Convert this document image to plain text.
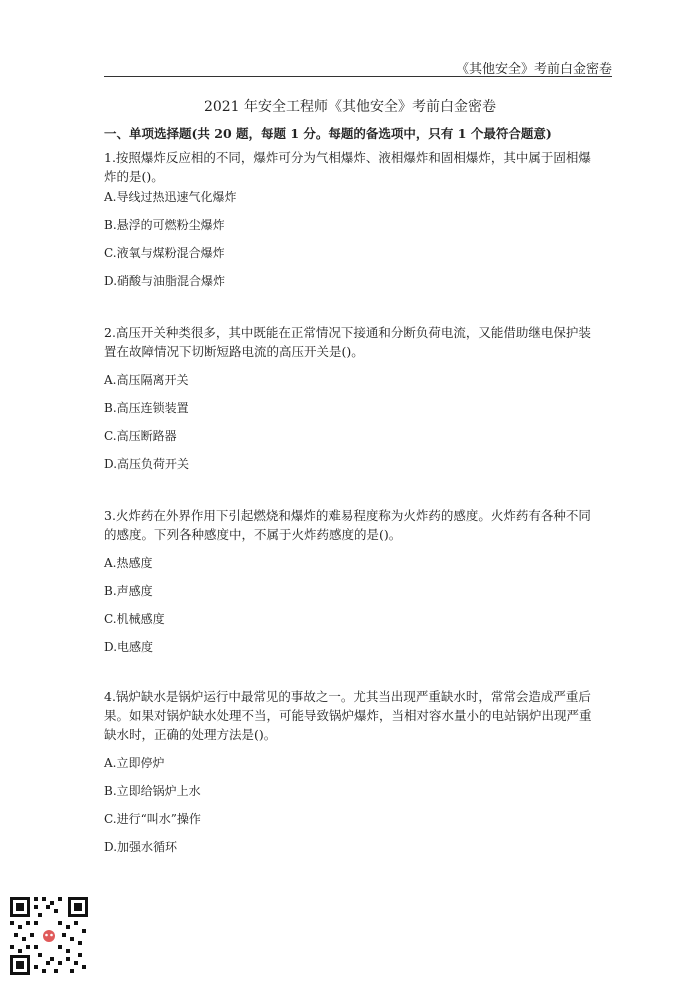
《其他安全》考前白金密卷
2021 年安全工程师《其他安全》考前白金密卷
一、单项选择题(共 20 题，每题 1 分。每题的备选项中，只有 1 个最符合题意)
1.按照爆炸反应相的不同，爆炸可分为气相爆炸、液相爆炸和固相爆炸，其中属于固相爆
炸的是()。
A.导线过热迅速气化爆炸
B.悬浮的可燃粉尘爆炸
C.液氧与煤粉混合爆炸
D.硝酸与油脂混合爆炸
2.高压开关种类很多，其中既能在正常情况下接通和分断负荷电流，又能借助继电保护装
置在故障情况下切断短路电流的高压开关是()。
A.高压隔离开关
B.高压连锁装置
C.高压断路器
D.高压负荷开关
3.火炸药在外界作用下引起燃烧和爆炸的难易程度称为火炸药的感度。火炸药有各种不同
的感度。下列各种感度中，不属于火炸药感度的是()。
A.热感度
B.声感度
C.机械感度
D.电感度
4.锅炉缺水是锅炉运行中最常见的事故之一。尤其当出现严重缺水时，常常会造成严重后
果。如果对锅炉缺水处理不当，可能导致锅炉爆炸，当相对容水量小的电站锅炉出现严重
缺水时，正确的处理方法是()。
A.立即停炉
B.立即给锅炉上水
C.进行“叫水”操作
D.加强水循环
